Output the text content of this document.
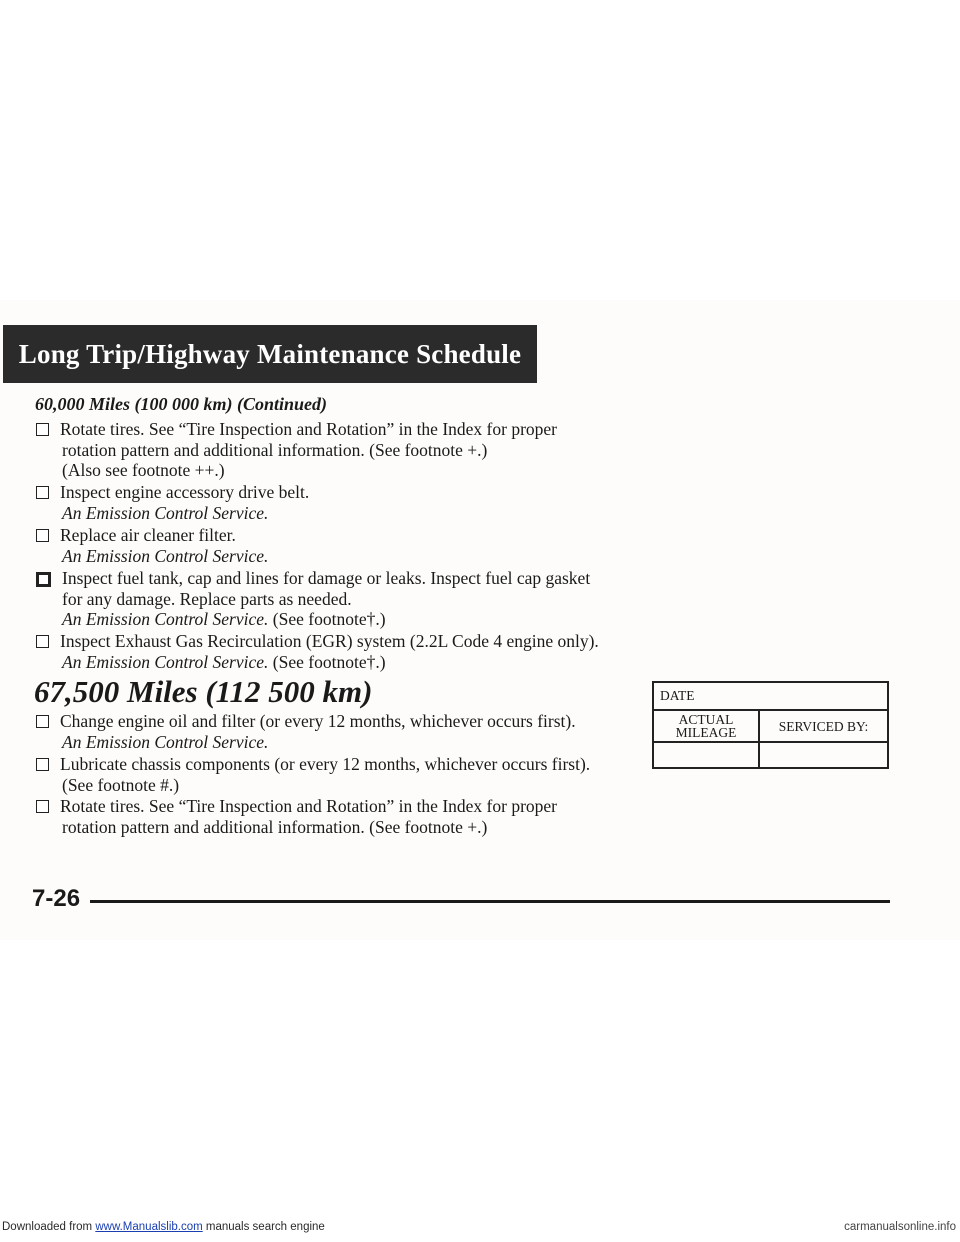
Long Trip/Highway Maintenance Schedule
60,000 Miles (100 000 km) (Continued)
Rotate tires. See “Tire Inspection and Rotation” in the Index for proper
rotation pattern and additional information. (See footnote +.)
(Also see footnote ++.)
Inspect engine accessory drive belt.
An Emission Control Service.
Replace air cleaner filter.
An Emission Control Service.
Inspect fuel tank, cap and lines for damage or leaks. Inspect fuel cap gasket
for any damage. Replace parts as needed.
An Emission Control Service. (See footnote†.)
Inspect Exhaust Gas Recirculation (EGR) system (2.2L Code 4 engine only).
An Emission Control Service. (See footnote†.)
67,500 Miles (112 500 km)
Change engine oil and filter (or every 12 months, whichever occurs first).
An Emission Control Service.
Lubricate chassis components (or every 12 months, whichever occurs first).
(See footnote #.)
Rotate tires. See “Tire Inspection and Rotation” in the Index for proper
rotation pattern and additional information. (See footnote +.)
DATE	

ACTUAL
MILEAGE	SERVICED BY:

7-26
Downloaded from www.Manualslib.com manuals search engine	carmanualsonline.info
